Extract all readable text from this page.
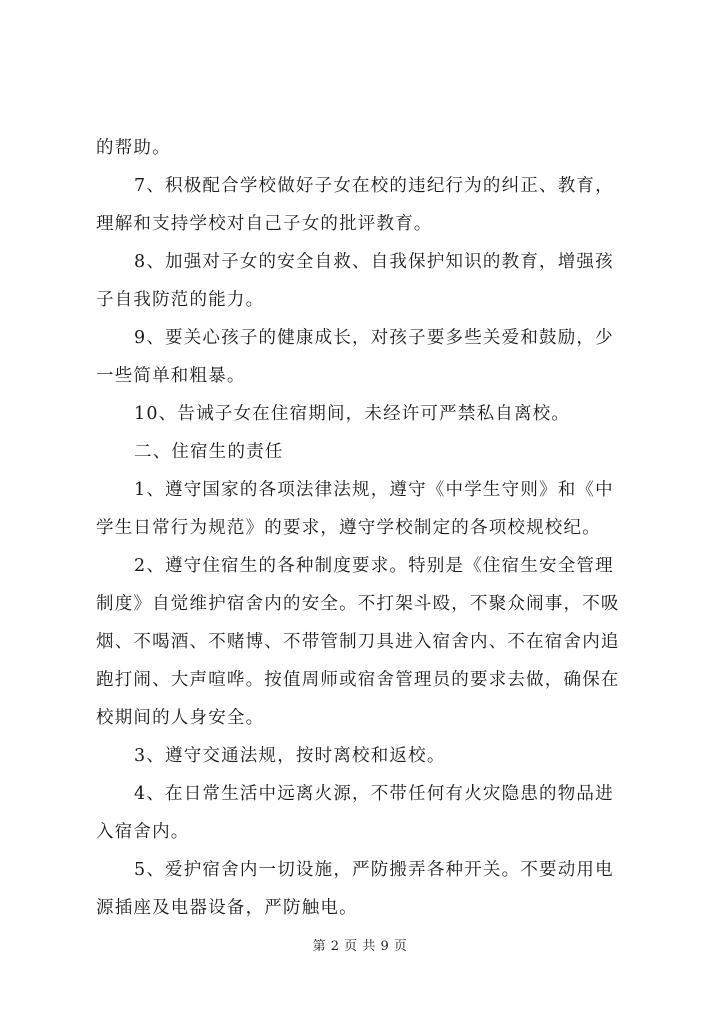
的帮助。
7、积极配合学校做好子女在校的违纪行为的纠正、教育，
理解和支持学校对自己子女的批评教育。
8、加强对子女的安全自救、自我保护知识的教育，增强孩
子自我防范的能力。
9、要关心孩子的健康成长，对孩子要多些关爱和鼓励，少
一些简单和粗暴。
10、告诫子女在住宿期间，未经许可严禁私自离校。
二、住宿生的责任
1、遵守国家的各项法律法规，遵守《中学生守则》和《中
学生日常行为规范》的要求，遵守学校制定的各项校规校纪。
2、遵守住宿生的各种制度要求。特别是《住宿生安全管理
制度》自觉维护宿舍内的安全。不打架斗殴，不聚众闹事，不吸
烟、不喝酒、不赌博、不带管制刀具进入宿舍内、不在宿舍内追
跑打闹、大声喧哗。按值周师或宿舍管理员的要求去做，确保在
校期间的人身安全。
3、遵守交通法规，按时离校和返校。
4、在日常生活中远离火源，不带任何有火灾隐患的物品进
入宿舍内。
5、爱护宿舍内一切设施，严防搬弄各种开关。不要动用电
源插座及电器设备，严防触电。
第 2 页 共 9 页
